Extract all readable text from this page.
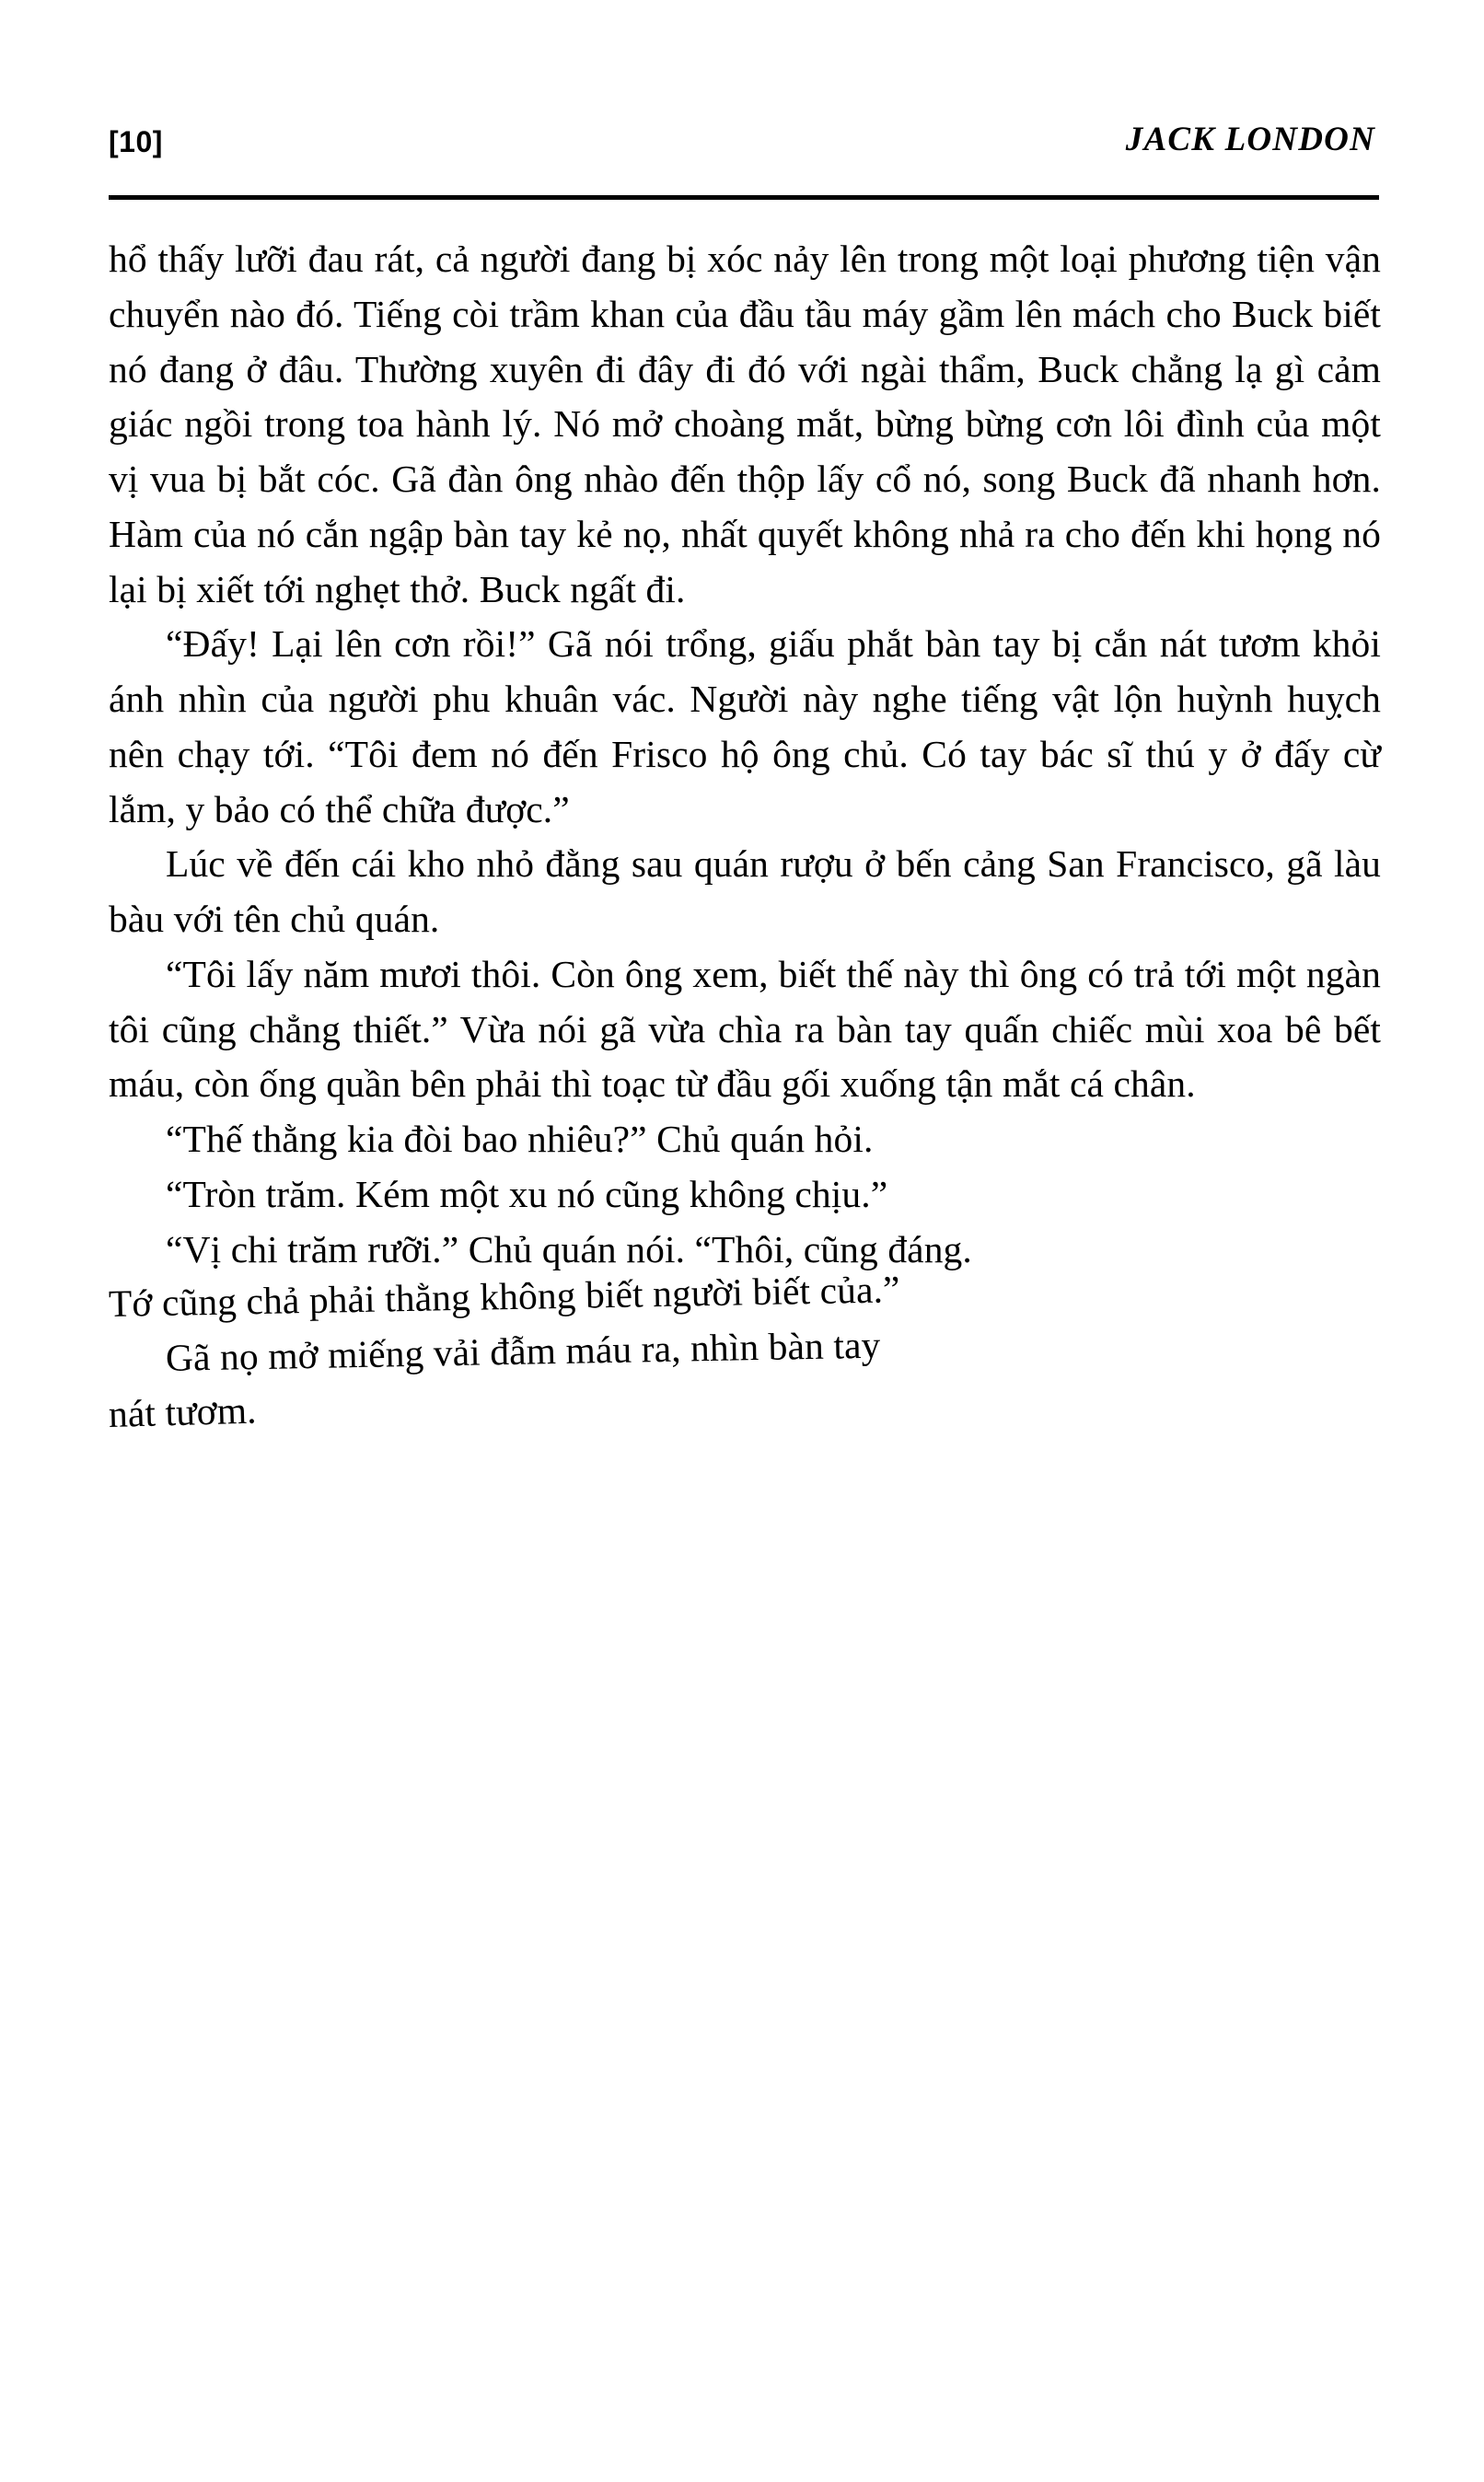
[10]	JACK LONDON

hổ thấy lưỡi đau rát, cả người đang bị xóc nảy lên trong một loại phương tiện vận chuyển nào đó. Tiếng còi trầm khan của đầu tầu máy gầm lên mách cho Buck biết nó đang ở đâu. Thường xuyên đi đây đi đó với ngài thẩm, Buck chẳng lạ gì cảm giác ngồi trong toa hành lý. Nó mở choàng mắt, bừng bừng cơn lôi đình của một vị vua bị bắt cóc. Gã đàn ông nhào đến thộp lấy cổ nó, song Buck đã nhanh hơn. Hàm của nó cắn ngập bàn tay kẻ nọ, nhất quyết không nhả ra cho đến khi họng nó lại bị xiết tới nghẹt thở. Buck ngất đi.

“Đấy! Lại lên cơn rồi!” Gã nói trổng, giấu phắt bàn tay bị cắn nát tươm khỏi ánh nhìn của người phu khuân vác. Người này nghe tiếng vật lộn huỳnh huỵch nên chạy tới. “Tôi đem nó đến Frisco hộ ông chủ. Có tay bác sĩ thú y ở đấy cừ lắm, y bảo có thể chữa được.”

Lúc về đến cái kho nhỏ đằng sau quán rượu ở bến cảng San Francisco, gã làu bàu với tên chủ quán.

“Tôi lấy năm mươi thôi. Còn ông xem, biết thế này thì ông có trả tới một ngàn tôi cũng chẳng thiết.” Vừa nói gã vừa chìa ra bàn tay quấn chiếc mùi xoa bê bết máu, còn ống quần bên phải thì toạc từ đầu gối xuống tận mắt cá chân.

“Thế thằng kia đòi bao nhiêu?” Chủ quán hỏi.

“Tròn trăm. Kém một xu nó cũng không chịu.”

“Vị chi trăm rưỡi.” Chủ quán nói. “Thôi, cũng đáng.

Tớ cũng chả phải thằng không biết người biết của.”

Gã nọ mở miếng vải đẫm máu ra, nhìn bàn tay

nát tươm.
